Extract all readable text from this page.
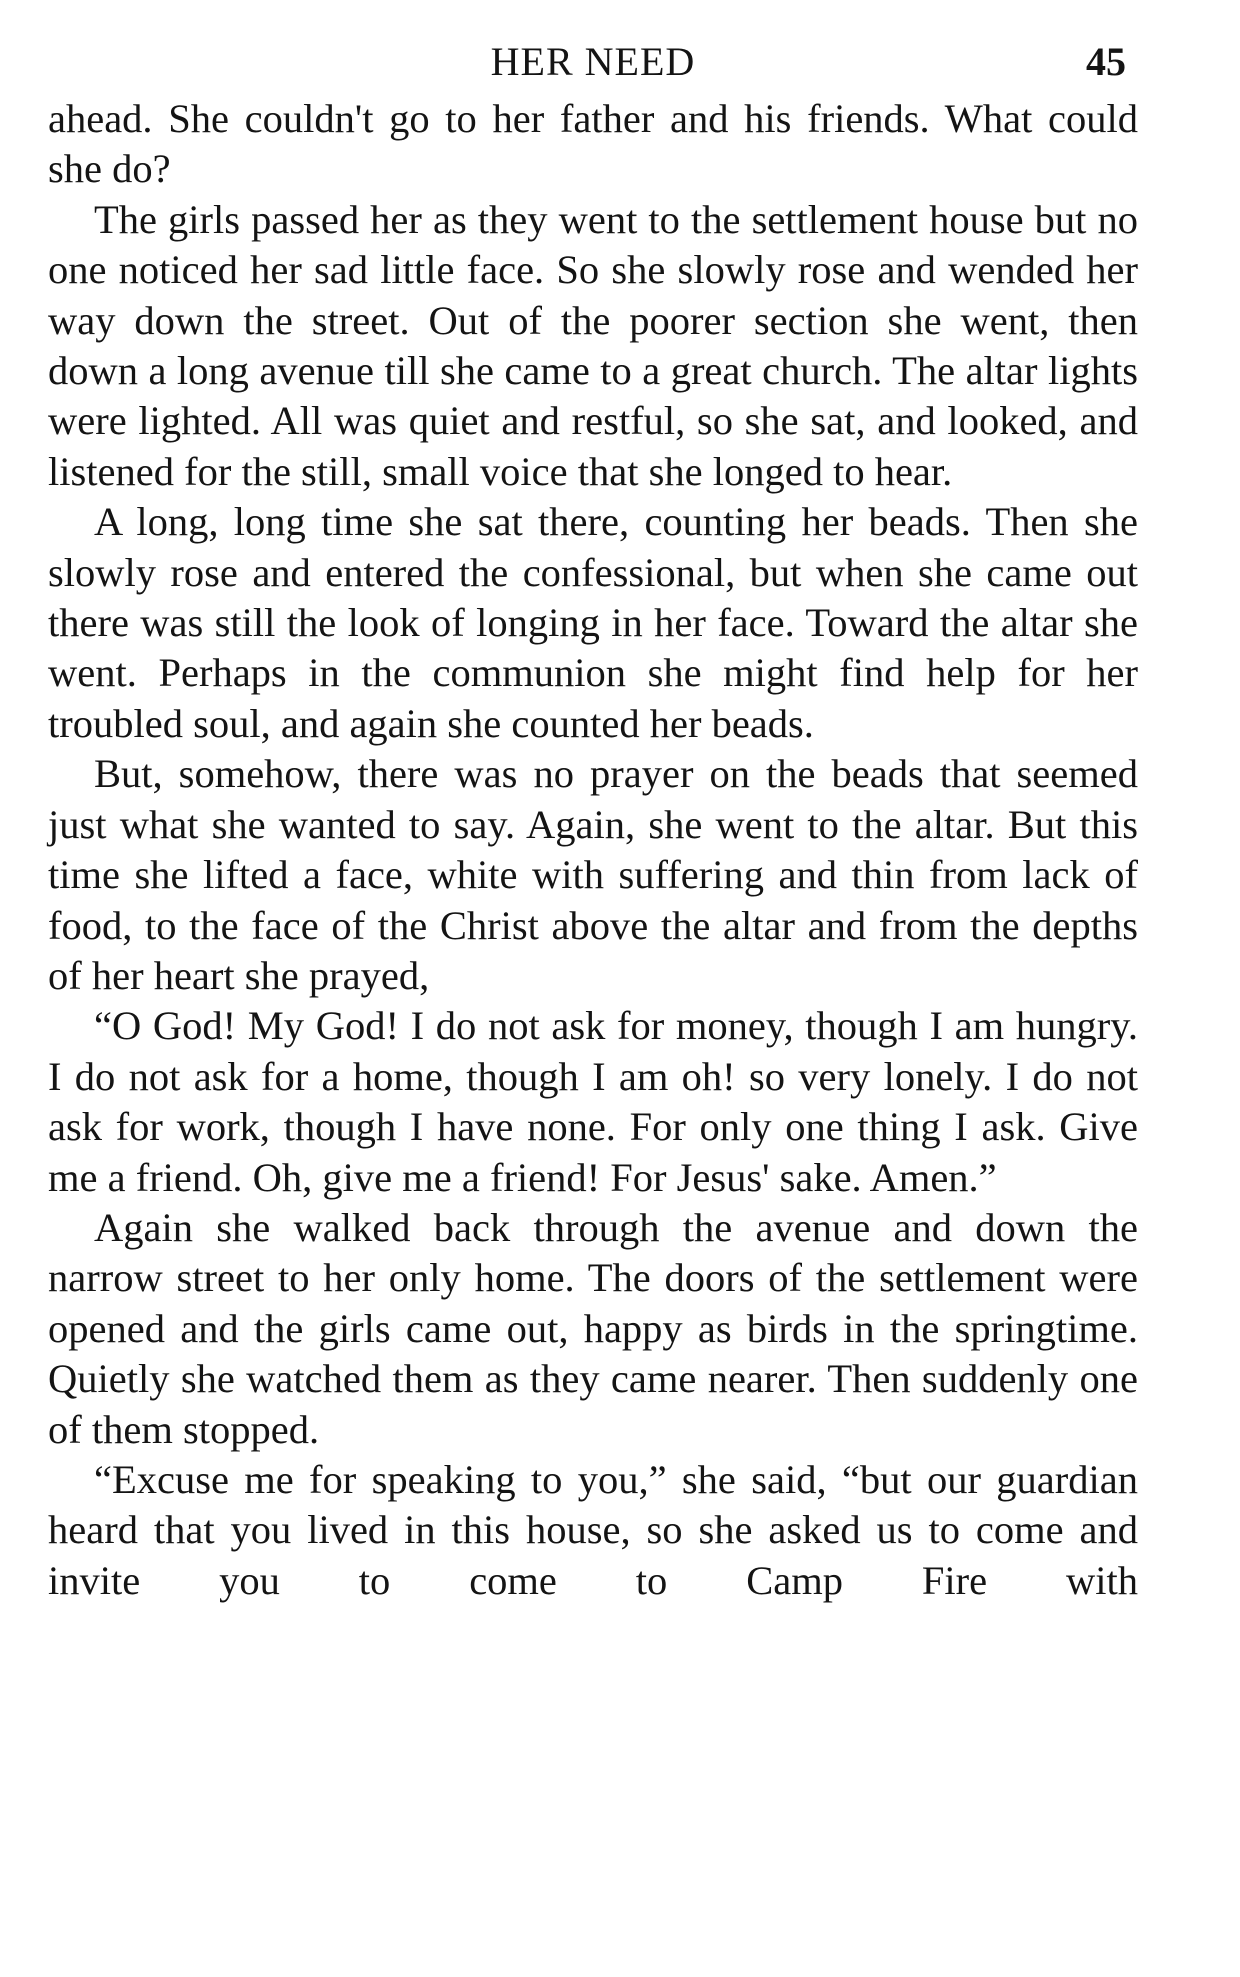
HER NEED	45

ahead. She couldn't go to her father and his friends. What could she do?

The girls passed her as they went to the settlement house but no one noticed her sad little face. So she slowly rose and wended her way down the street. Out of the poorer section she went, then down a long avenue till she came to a great church. The altar lights were lighted. All was quiet and restful, so she sat, and looked, and listened for the still, small voice that she longed to hear.

A long, long time she sat there, counting her beads. Then she slowly rose and entered the confessional, but when she came out there was still the look of longing in her face. Toward the altar she went. Perhaps in the communion she might find help for her troubled soul, and again she counted her beads.

But, somehow, there was no prayer on the beads that seemed just what she wanted to say. Again, she went to the altar. But this time she lifted a face, white with suffering and thin from lack of food, to the face of the Christ above the altar and from the depths of her heart she prayed,

“O God! My God! I do not ask for money, though I am hungry. I do not ask for a home, though I am oh! so very lonely. I do not ask for work, though I have none. For only one thing I ask. Give me a friend. Oh, give me a friend! For Jesus' sake. Amen.”

Again she walked back through the avenue and down the narrow street to her only home. The doors of the settlement were opened and the girls came out, happy as birds in the springtime. Quietly she watched them as they came nearer. Then suddenly one of them stopped.

“Excuse me for speaking to you,” she said, “but our guardian heard that you lived in this house, so she asked us to come and invite you to come to Camp Fire with
